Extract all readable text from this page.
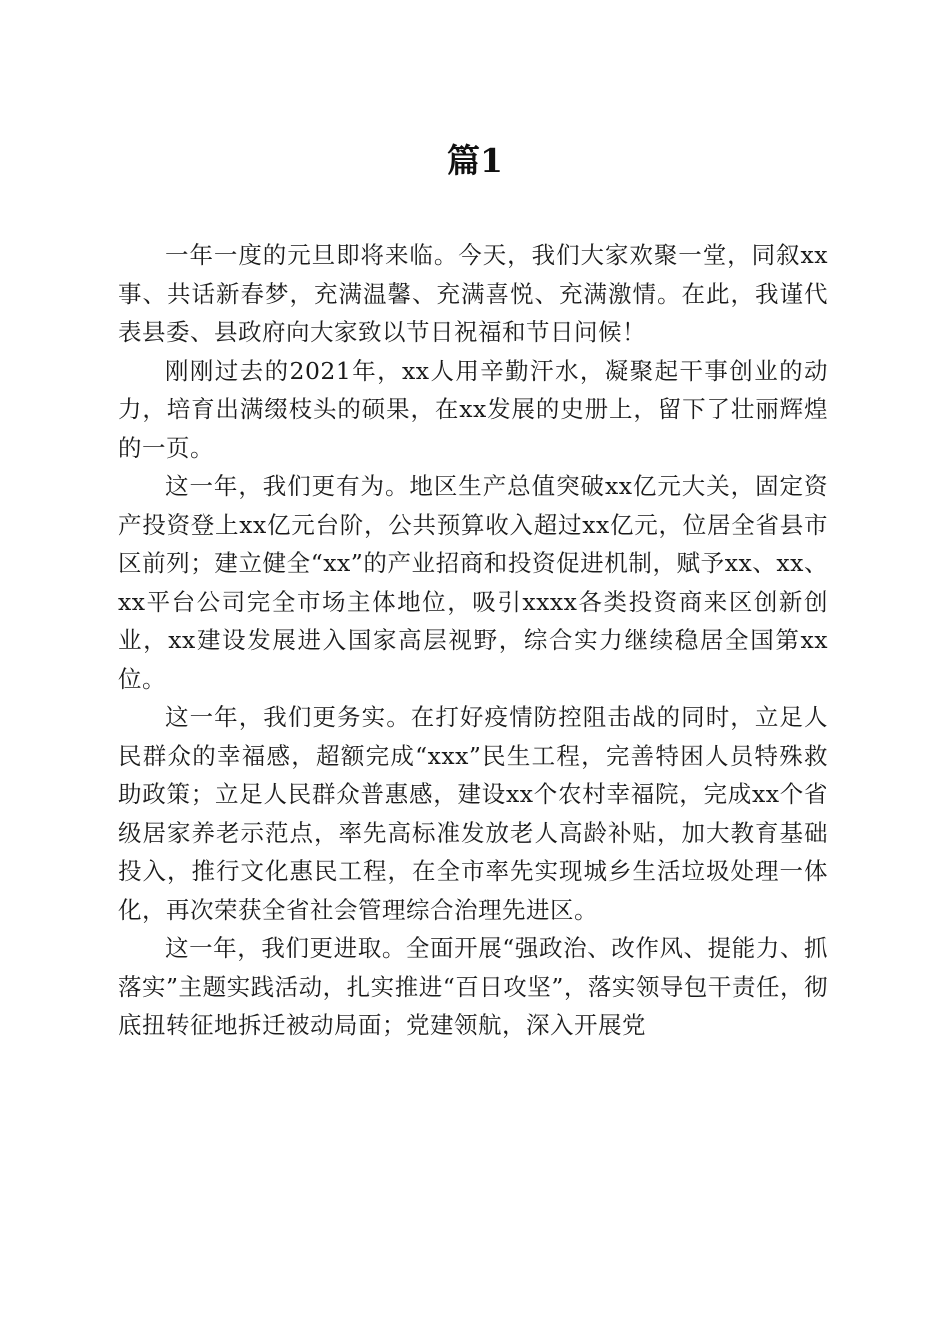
篇1

一年一度的元旦即将来临。今天，我们大家欢聚一堂，同叙xx事、共话新春梦，充满温馨、充满喜悦、充满激情。在此，我谨代表县委、县政府向大家致以节日祝福和节日问候！

刚刚过去的2021年，xx人用辛勤汗水，凝聚起干事创业的动力，培育出满缀枝头的硕果，在xx发展的史册上，留下了壮丽辉煌的一页。

这一年，我们更有为。地区生产总值突破xx亿元大关，固定资产投资登上xx亿元台阶，公共预算收入超过xx亿元，位居全省县市区前列；建立健全“xx”的产业招商和投资促进机制，赋予xx、xx、xx平台公司完全市场主体地位，吸引xxxx各类投资商来区创新创业，xx建设发展进入国家高层视野，综合实力继续稳居全国第xx位。

这一年，我们更务实。在打好疫情防控阻击战的同时，立足人民群众的幸福感，超额完成“xxx”民生工程，完善特困人员特殊救助政策；立足人民群众普惠感，建设xx个农村幸福院，完成xx个省级居家养老示范点，率先高标准发放老人高龄补贴，加大教育基础投入，推行文化惠民工程，在全市率先实现城乡生活垃圾处理一体化，再次荣获全省社会管理综合治理先进区。

这一年，我们更进取。全面开展“强政治、改作风、提能力、抓落实”主题实践活动，扎实推进“百日攻坚”，落实领导包干责任，彻底扭转征地拆迁被动局面；党建领航，深入开展党
